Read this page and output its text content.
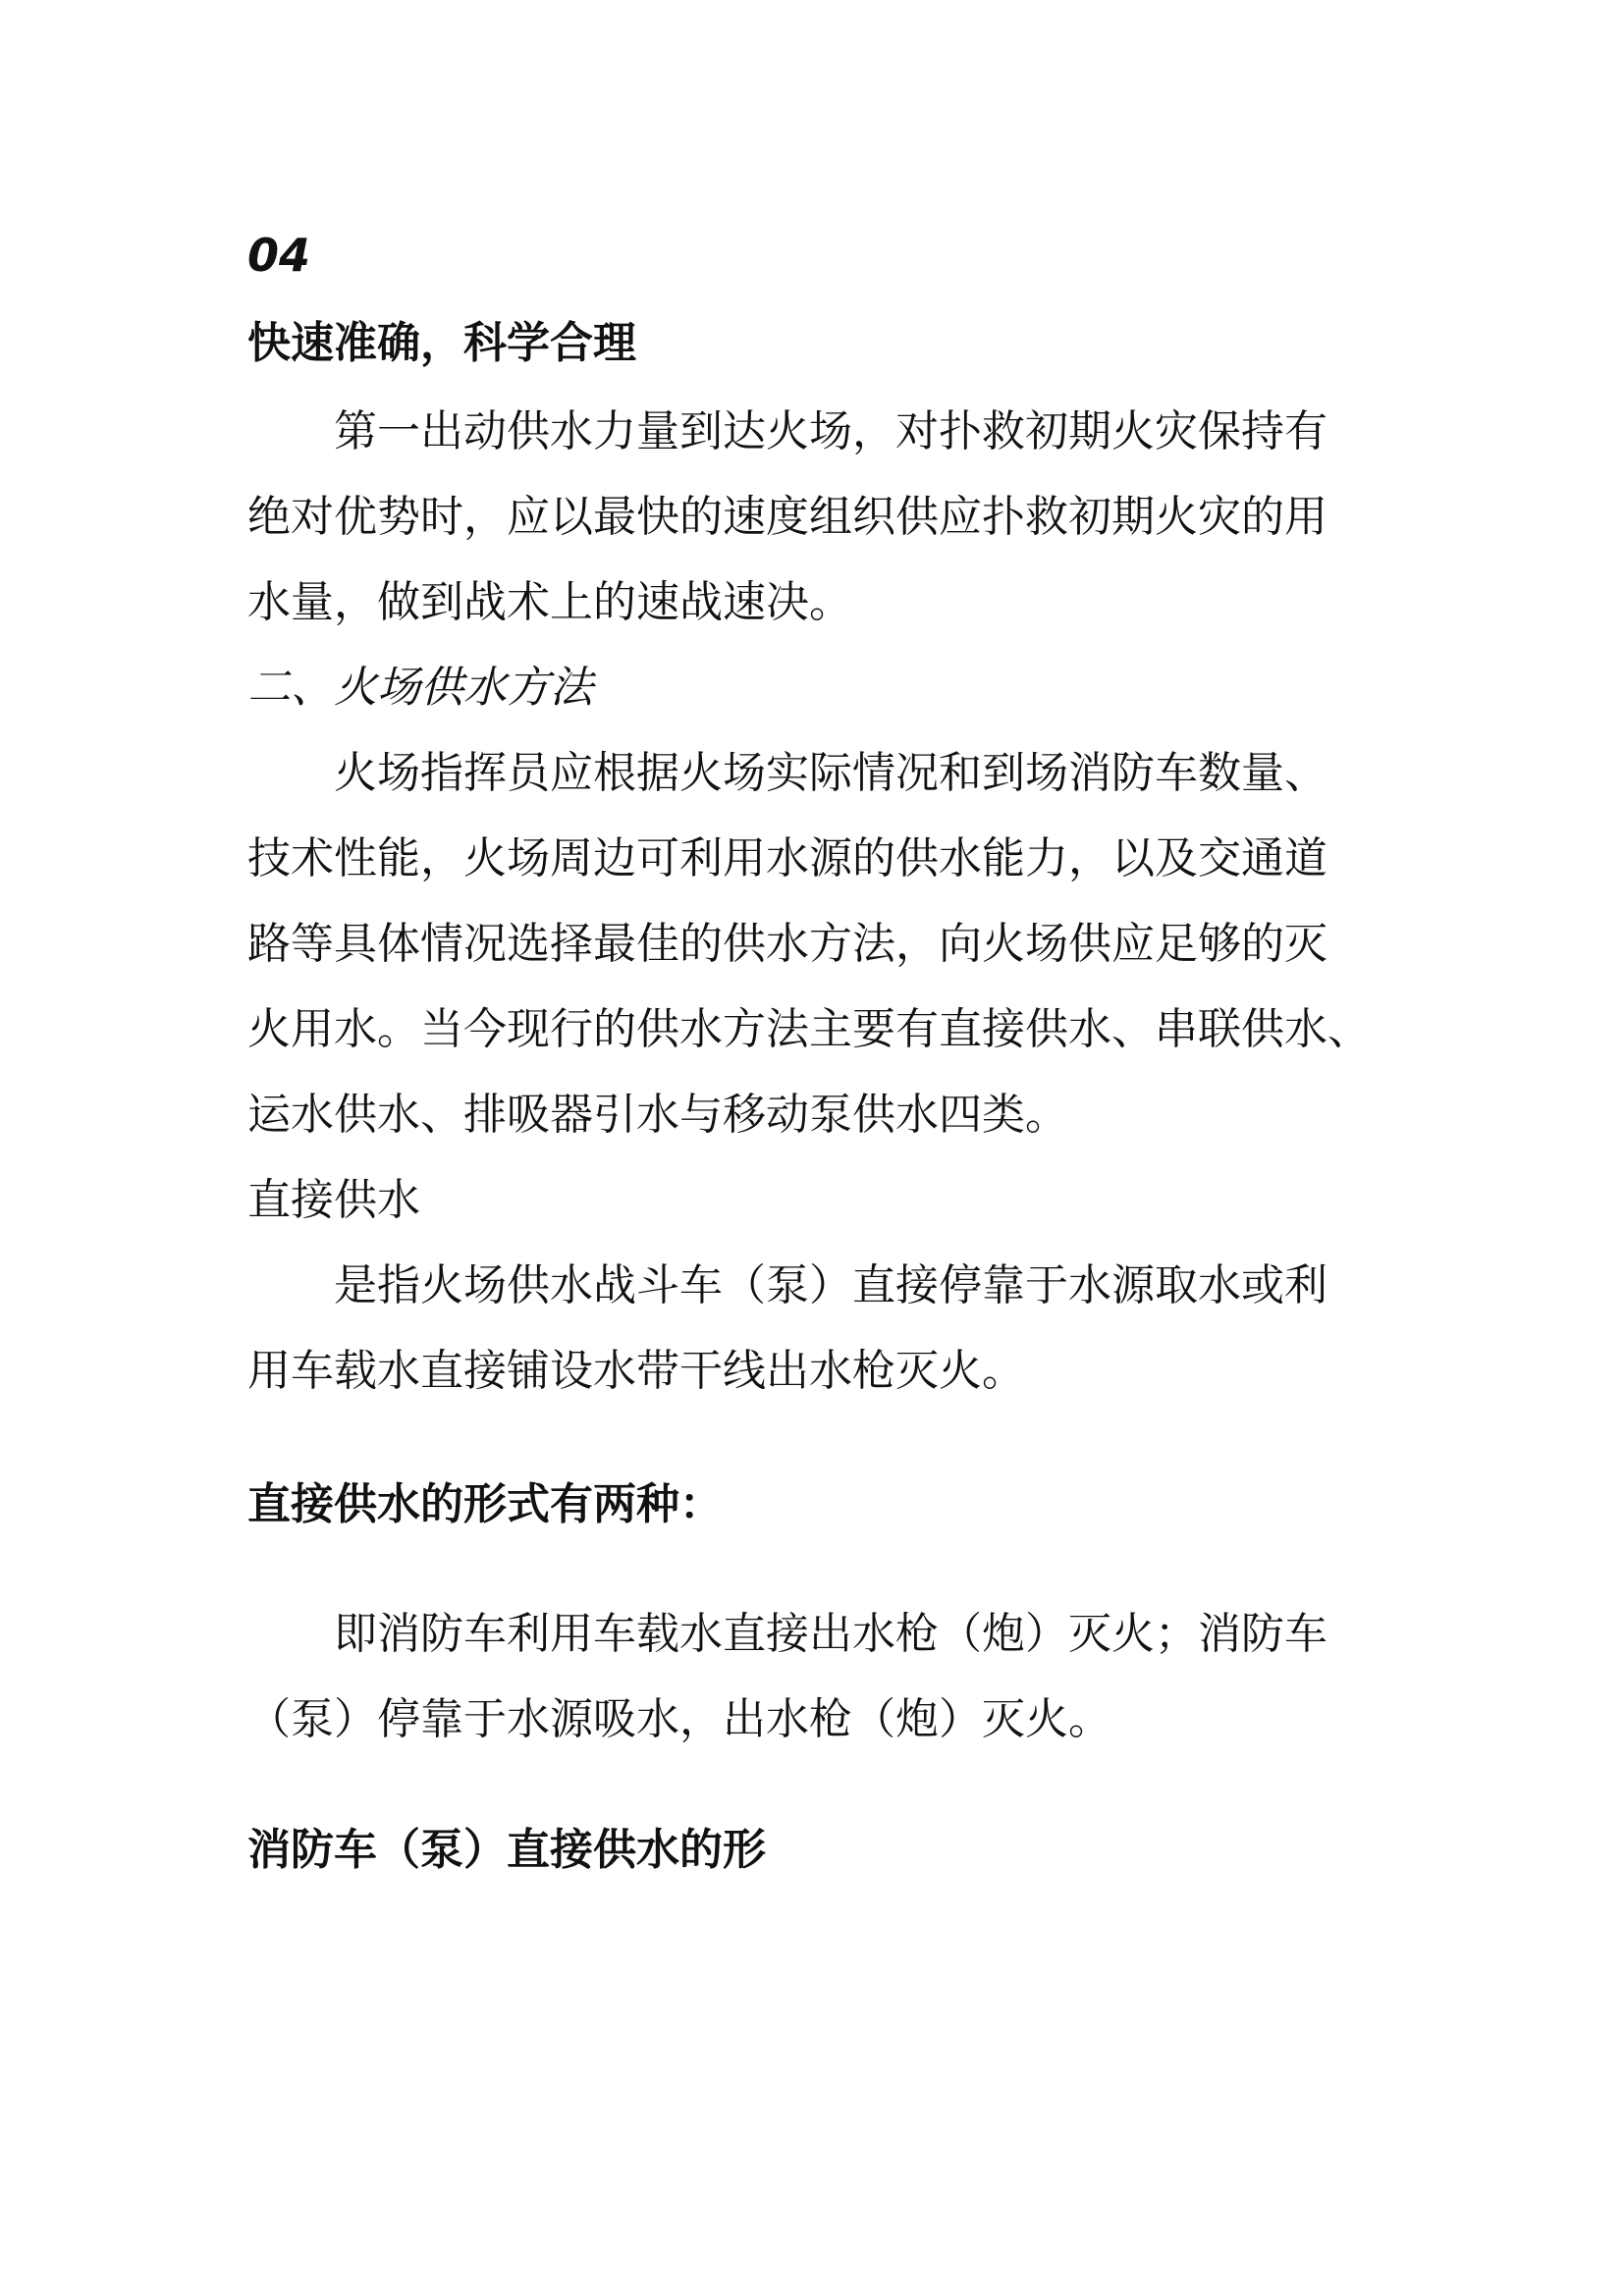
04

快速准确，科学合理

第一出动供水力量到达火场，对扑救初期火灾保持有

绝对优势时，应以最快的速度组织供应扑救初期火灾的用

水量，做到战术上的速战速决。

二、火场供水方法

火场指挥员应根据火场实际情况和到场消防车数量、

技术性能，火场周边可利用水源的供水能力，以及交通道

路等具体情况选择最佳的供水方法，向火场供应足够的灭

火用水。当今现行的供水方法主要有直接供水、串联供水、

运水供水、排吸器引水与移动泵供水四类。

直接供水

是指火场供水战斗车（泵）直接停靠于水源取水或利

用车载水直接铺设水带干线出水枪灭火。

直接供水的形式有两种：

即消防车利用车载水直接出水枪（炮）灭火；消防车

（泵）停靠于水源吸水，出水枪（炮）灭火。

消防车（泵）直接供水的形
